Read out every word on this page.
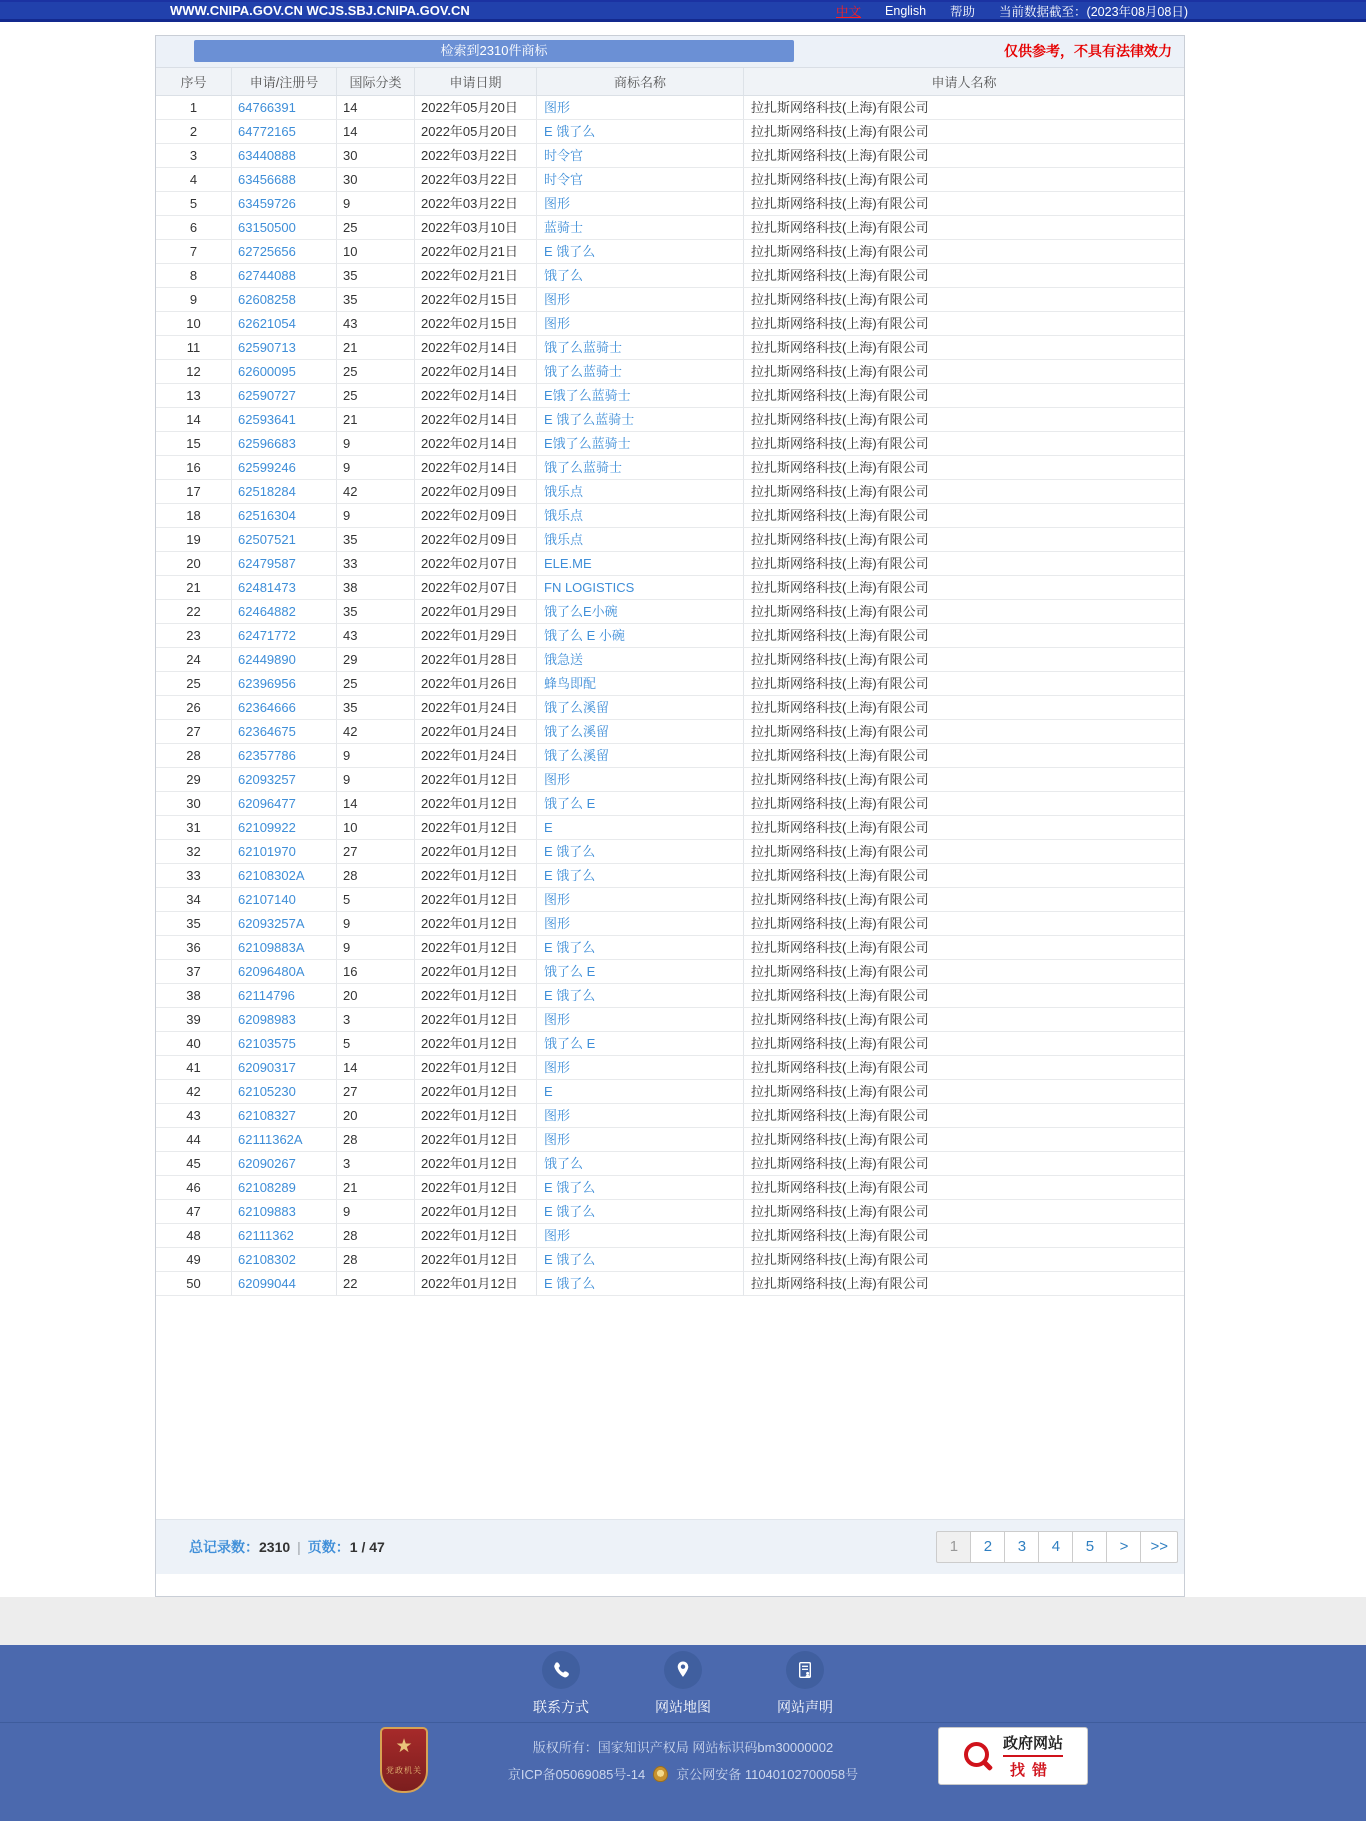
WWW.CNIPA.GOV.CN WCJS.SBJ.CNIPA.GOV.CN	中文 English 帮助 当前数据截至：(2023年08月08日)
检索到2310件商标	仅供参考，不具有法律效力
序号	申请/注册号	国际分类	申请日期	商标名称	申请人名称
1	64766391	14	2022年05月20日	图形	拉扎斯网络科技(上海)有限公司
2	64772165	14	2022年05月20日	E 饿了么	拉扎斯网络科技(上海)有限公司
3	63440888	30	2022年03月22日	时令官	拉扎斯网络科技(上海)有限公司
4	63456688	30	2022年03月22日	时令官	拉扎斯网络科技(上海)有限公司
5	63459726	9	2022年03月22日	图形	拉扎斯网络科技(上海)有限公司
6	63150500	25	2022年03月10日	蓝骑士	拉扎斯网络科技(上海)有限公司
7	62725656	10	2022年02月21日	E 饿了么	拉扎斯网络科技(上海)有限公司
8	62744088	35	2022年02月21日	饿了么	拉扎斯网络科技(上海)有限公司
9	62608258	35	2022年02月15日	图形	拉扎斯网络科技(上海)有限公司
10	62621054	43	2022年02月15日	图形	拉扎斯网络科技(上海)有限公司
11	62590713	21	2022年02月14日	饿了么蓝骑士	拉扎斯网络科技(上海)有限公司
12	62600095	25	2022年02月14日	饿了么蓝骑士	拉扎斯网络科技(上海)有限公司
13	62590727	25	2022年02月14日	E饿了么蓝骑士	拉扎斯网络科技(上海)有限公司
14	62593641	21	2022年02月14日	E 饿了么蓝骑士	拉扎斯网络科技(上海)有限公司
15	62596683	9	2022年02月14日	E饿了么蓝骑士	拉扎斯网络科技(上海)有限公司
16	62599246	9	2022年02月14日	饿了么蓝骑士	拉扎斯网络科技(上海)有限公司
17	62518284	42	2022年02月09日	饿乐点	拉扎斯网络科技(上海)有限公司
18	62516304	9	2022年02月09日	饿乐点	拉扎斯网络科技(上海)有限公司
19	62507521	35	2022年02月09日	饿乐点	拉扎斯网络科技(上海)有限公司
20	62479587	33	2022年02月07日	ELE.ME	拉扎斯网络科技(上海)有限公司
21	62481473	38	2022年02月07日	FN LOGISTICS	拉扎斯网络科技(上海)有限公司
22	62464882	35	2022年01月29日	饿了么E小碗	拉扎斯网络科技(上海)有限公司
23	62471772	43	2022年01月29日	饿了么 E 小碗	拉扎斯网络科技(上海)有限公司
24	62449890	29	2022年01月28日	饿急送	拉扎斯网络科技(上海)有限公司
25	62396956	25	2022年01月26日	蜂鸟即配	拉扎斯网络科技(上海)有限公司
26	62364666	35	2022年01月24日	饿了么溪留	拉扎斯网络科技(上海)有限公司
27	62364675	42	2022年01月24日	饿了么溪留	拉扎斯网络科技(上海)有限公司
28	62357786	9	2022年01月24日	饿了么溪留	拉扎斯网络科技(上海)有限公司
29	62093257	9	2022年01月12日	图形	拉扎斯网络科技(上海)有限公司
30	62096477	14	2022年01月12日	饿了么 E	拉扎斯网络科技(上海)有限公司
31	62109922	10	2022年01月12日	E	拉扎斯网络科技(上海)有限公司
32	62101970	27	2022年01月12日	E 饿了么	拉扎斯网络科技(上海)有限公司
33	62108302A	28	2022年01月12日	E 饿了么	拉扎斯网络科技(上海)有限公司
34	62107140	5	2022年01月12日	图形	拉扎斯网络科技(上海)有限公司
35	62093257A	9	2022年01月12日	图形	拉扎斯网络科技(上海)有限公司
36	62109883A	9	2022年01月12日	E 饿了么	拉扎斯网络科技(上海)有限公司
37	62096480A	16	2022年01月12日	饿了么 E	拉扎斯网络科技(上海)有限公司
38	62114796	20	2022年01月12日	E 饿了么	拉扎斯网络科技(上海)有限公司
39	62098983	3	2022年01月12日	图形	拉扎斯网络科技(上海)有限公司
40	62103575	5	2022年01月12日	饿了么 E	拉扎斯网络科技(上海)有限公司
41	62090317	14	2022年01月12日	图形	拉扎斯网络科技(上海)有限公司
42	62105230	27	2022年01月12日	E	拉扎斯网络科技(上海)有限公司
43	62108327	20	2022年01月12日	图形	拉扎斯网络科技(上海)有限公司
44	62111362A	28	2022年01月12日	图形	拉扎斯网络科技(上海)有限公司
45	62090267	3	2022年01月12日	饿了么	拉扎斯网络科技(上海)有限公司
46	62108289	21	2022年01月12日	E 饿了么	拉扎斯网络科技(上海)有限公司
47	62109883	9	2022年01月12日	E 饿了么	拉扎斯网络科技(上海)有限公司
48	62111362	28	2022年01月12日	图形	拉扎斯网络科技(上海)有限公司
49	62108302	28	2022年01月12日	E 饿了么	拉扎斯网络科技(上海)有限公司
50	62099044	22	2022年01月12日	E 饿了么	拉扎斯网络科技(上海)有限公司
总记录数：2310 | 页数：1 / 47	1	2	3	4	5	>	>>
联系方式	网站地图	网站声明
★
党政机关
版权所有：国家知识产权局 网站标识码bm30000002
京ICP备05069085号-14 京公网安备 11040102700058号
政府网站
找错
